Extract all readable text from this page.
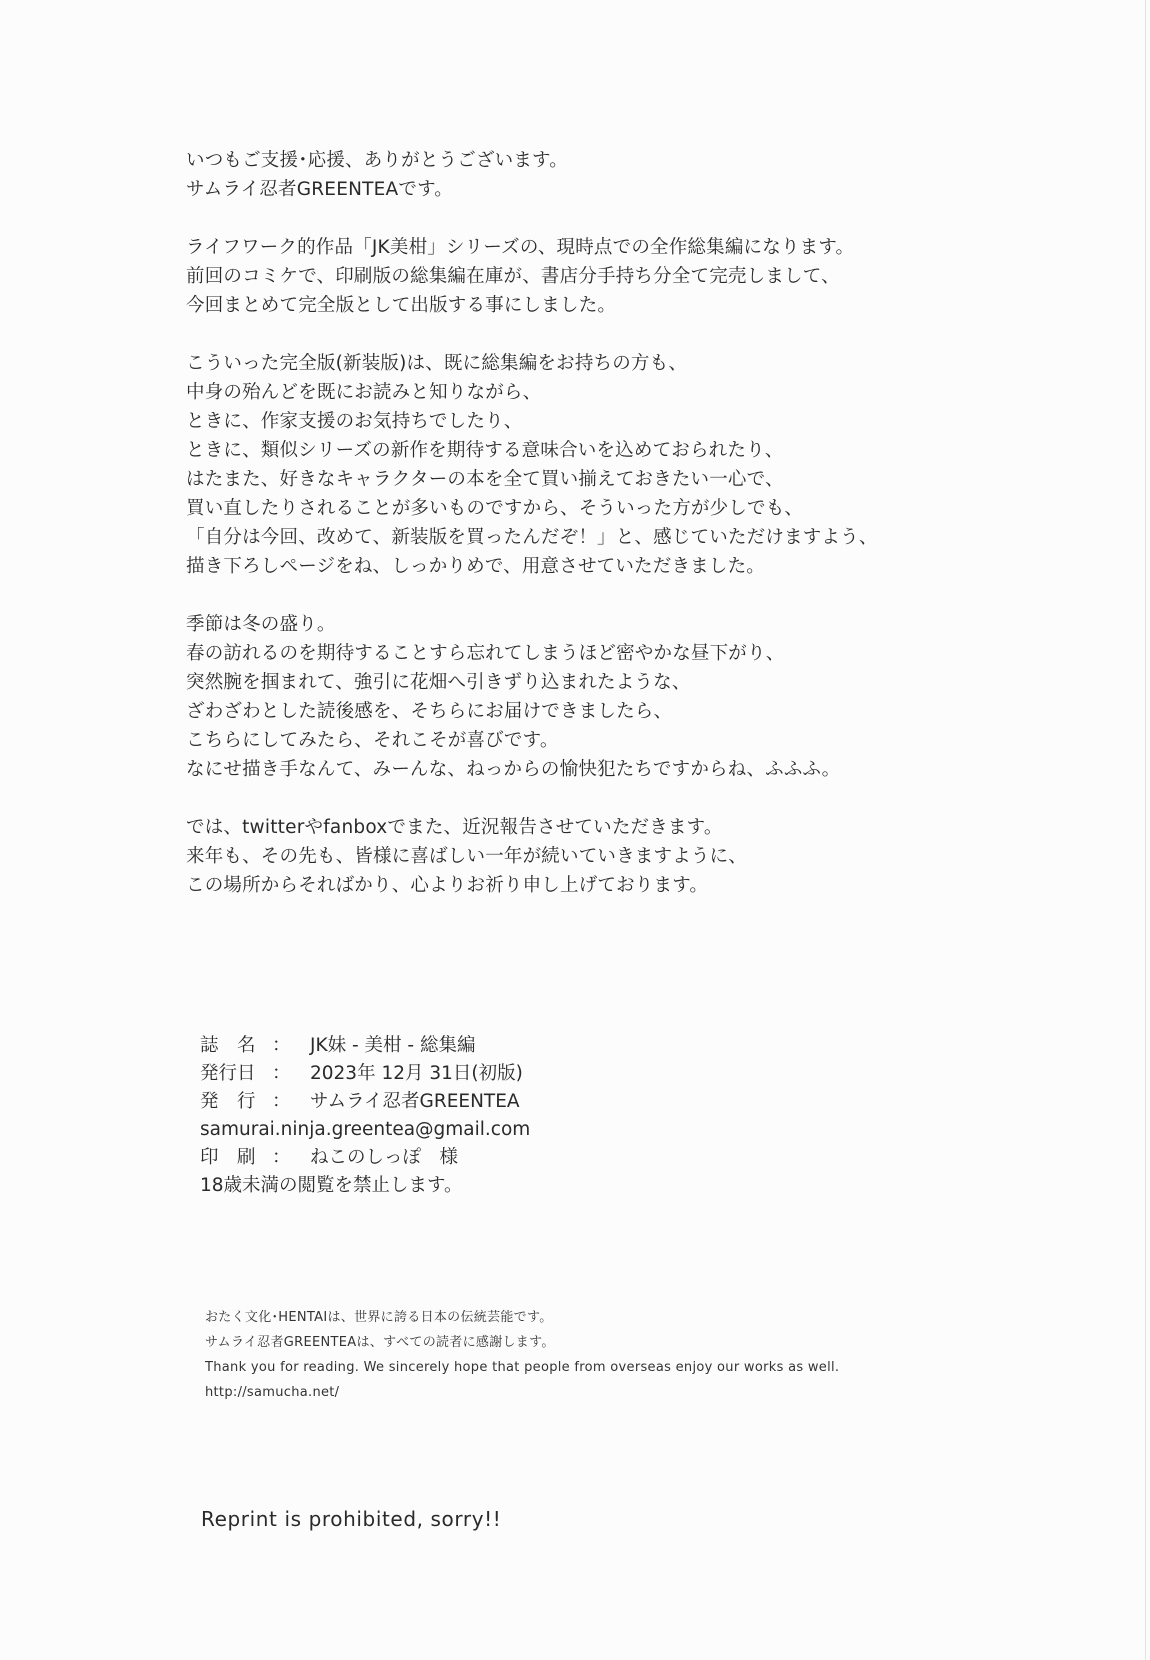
いつもご支援･応援、ありがとうございます。
サムライ忍者GREENTEAです。
ライフワーク的作品「JK美柑」シリーズの、現時点での全作総集編になります。
前回のコミケで、印刷版の総集編在庫が、書店分手持ち分全て完売しまして、
今回まとめて完全版として出版する事にしました。
こういった完全版(新装版)は、既に総集編をお持ちの方も、
中身の殆んどを既にお読みと知りながら、
ときに、作家支援のお気持ちでしたり、
ときに、類似シリーズの新作を期待する意味合いを込めておられたり、
はたまた、好きなキャラクターの本を全て買い揃えておきたい一心で、
買い直したりされることが多いものですから、そういった方が少しでも、
「自分は今回、改めて、新装版を買ったんだぞ！」と、感じていただけますよう、
描き下ろしページをね、しっかりめで、用意させていただきました。
季節は冬の盛り。
春の訪れるのを期待することすら忘れてしまうほど密やかな昼下がり、
突然腕を掴まれて、強引に花畑へ引きずり込まれたような、
ざわざわとした読後感を、そちらにお届けできましたら、
こちらにしてみたら、それこそが喜びです。
なにせ描き手なんて、みーんな、ねっからの愉快犯たちですからね、ふふふ。
では、twitterやfanboxでまた、近況報告させていただきます。
来年も、その先も、皆様に喜ばしい一年が続いていきますように、
この場所からそればかり、心よりお祈り申し上げております。
誌　名 ： JK妹 - 美柑 - 総集編
発行日 ： 2023年 12月 31日(初版)
発　行 ： サムライ忍者GREENTEA
samurai.ninja.greentea@gmail.com
印　刷 ： ねこのしっぽ　様
18歳未満の閲覧を禁止します。
おたく文化･HENTAIは、世界に誇る日本の伝統芸能です。
サムライ忍者GREENTEAは、すべての読者に感謝します。
Thank you for reading. We sincerely hope that people from overseas enjoy our works as well.
http://samucha.net/
Reprint is prohibited, sorry!!
